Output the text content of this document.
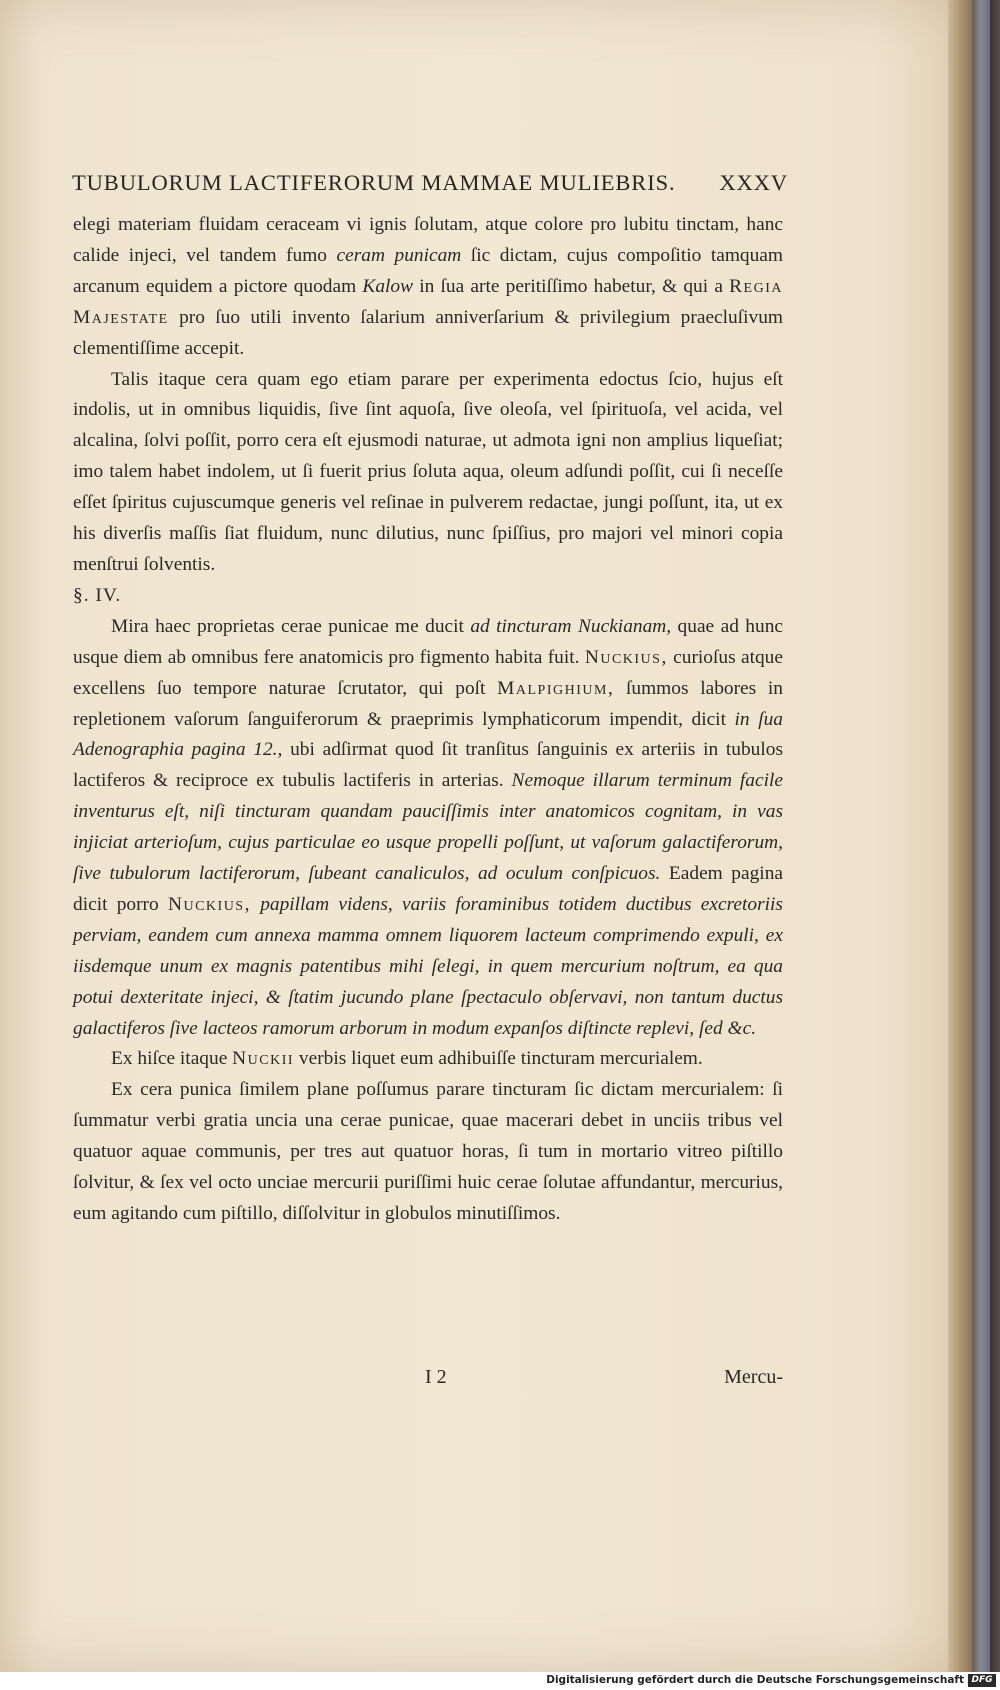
TUBULORUM LACTIFERORUM MAMMAE MULIEBRIS. XXXV

elegi materiam fluidam ceraceam vi ignis ſolutam, atque colore pro lubitu tinctam, hanc calide injeci, vel tandem fumo ceram punicam ſic dictam, cujus compoſitio tamquam arcanum equidem a pictore quodam Kalow in ſua arte peritiſſimo habetur, & qui a Regia Majestate pro ſuo utili invento ſalarium anniverſarium & privilegium praecluſivum clementiſſime accepit.

Talis itaque cera quam ego etiam parare per experimenta edoctus ſcio, hujus eſt indolis, ut in omnibus liquidis, ſive ſint aquoſa, ſive oleoſa, vel ſpirituoſa, vel acida, vel alcalina, ſolvi poſſit, porro cera eſt ejusmodi naturae, ut admota igni non amplius liqueſiat; imo talem habet indolem, ut ſi fuerit prius ſoluta aqua, oleum adſundi poſſit, cui ſi neceſſe eſſet ſpiritus cujuscumque generis vel reſinae in pulverem redactae, jungi poſſunt, ita, ut ex his diverſis maſſis ſiat fluidum, nunc dilutius, nunc ſpiſſius, pro majori vel minori copia menſtrui ſolventis.

§. IV.

Mira haec proprietas cerae punicae me ducit ad tincturam Nuckianam, quae ad hunc usque diem ab omnibus fere anatomicis pro figmento habita fuit. Nuckius, curioſus atque excellens ſuo tempore naturae ſcrutator, qui poſt Malpighium, ſummos labores in repletionem vaſorum ſanguiferorum & praeprimis lymphaticorum impendit, dicit in ſua Adenographia pagina 12., ubi adſirmat quod ſit tranſitus ſanguinis ex arteriis in tubulos lactiferos & reciproce ex tubulis lactiferis in arterias. Nemoque illarum terminum facile inventurus eſt, niſi tincturam quandam pauciſſimis inter anatomicos cognitam, in vas injiciat arterioſum, cujus particulae eo usque propelli poſſunt, ut vaſorum galactiferorum, ſive tubulorum lactiferorum, ſubeant canaliculos, ad oculum conſpicuos. Eadem pagina dicit porro Nuckius, papillam videns, variis foraminibus totidem ductibus excretoriis perviam, eandem cum annexa mamma omnem liquorem lacteum comprimendo expuli, ex iisdemque unum ex magnis patentibus mihi ſelegi, in quem mercurium noſtrum, ea qua potui dexteritate injeci, & ſtatim jucundo plane ſpectaculo obſervavi, non tantum ductus galactiferos ſive lacteos ramorum arborum in modum expanſos diſtincte replevi, ſed &c.

Ex hiſce itaque Nuckii verbis liquet eum adhibuiſſe tincturam mercurialem.

Ex cera punica ſimilem plane poſſumus parare tincturam ſic dictam mercurialem: ſi ſummatur verbi gratia uncia una cerae punicae, quae macerari debet in unciis tribus vel quatuor aquae communis, per tres aut quatuor horas, ſi tum in mortario vitreo piſtillo ſolvitur, & ſex vel octo unciae mercurii puriſſimi huic cerae ſolutae affundantur, mercurius, eum agitando cum piſtillo, diſſolvitur in globulos minutiſſimos.

I 2	Mercu-
Digitalisierung gefördert durch die Deutsche Forschungsgemeinschaft DFG
